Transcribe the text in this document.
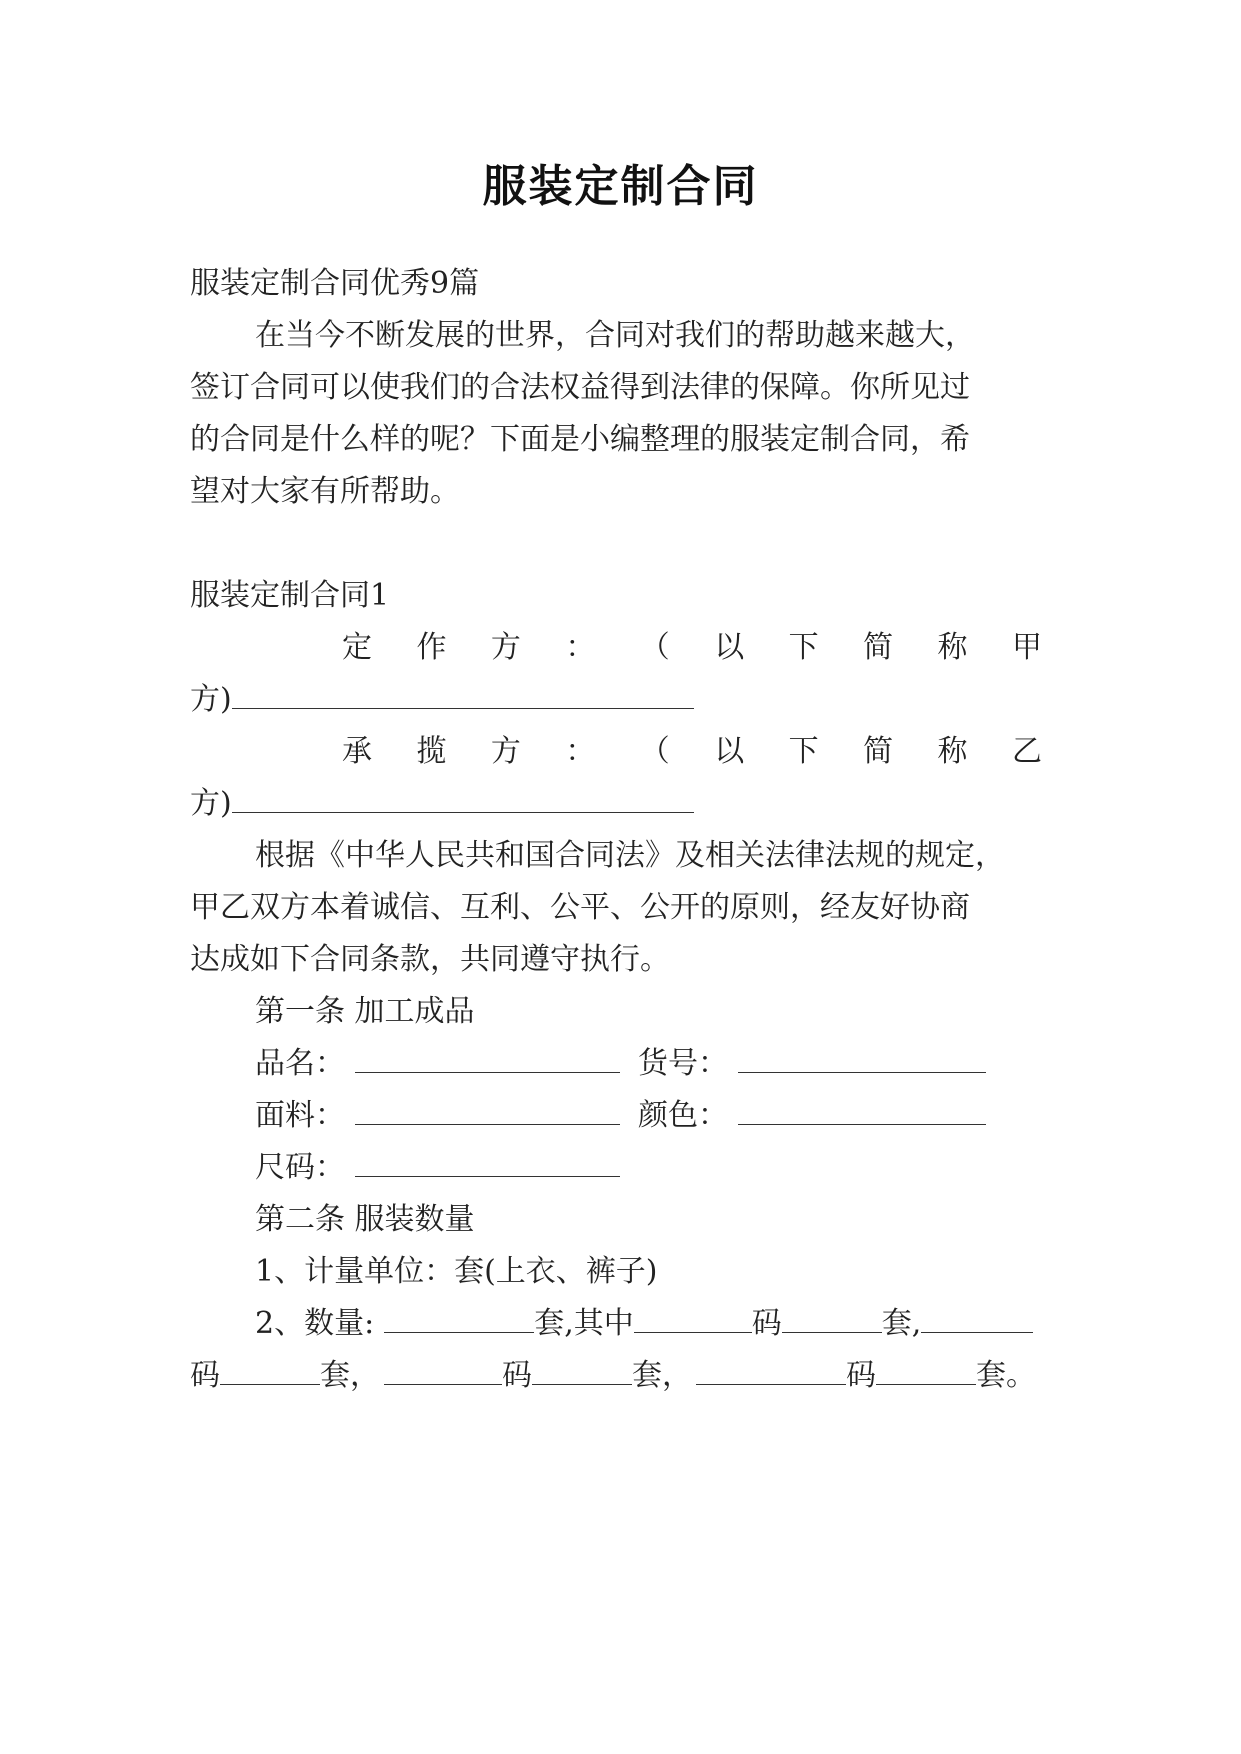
服装定制合同
服装定制合同优秀9篇
在当今不断发展的世界，合同对我们的帮助越来越大，
签订合同可以使我们的合法权益得到法律的保障。你所见过
的合同是什么样的呢？下面是小编整理的服装定制合同，希
望对大家有所帮助。
服装定制合同1
定 作 方 ： （ 以 下 简 称 甲
方)
承 揽 方 ： （ 以 下 简 称 乙
方)
根据《中华人民共和国合同法》及相关法律法规的规定，
甲乙双方本着诚信、互利、公平、公开的原则，经友好协商
达成如下合同条款，共同遵守执行。
第一条 加工成品
品名：	货号：
面料：	颜色：
尺码：
第二条 服装数量
1、计量单位：套(上衣、裤子)
2、数量:	套,其中	码	套,
码	套，	码	套，	码	套。
